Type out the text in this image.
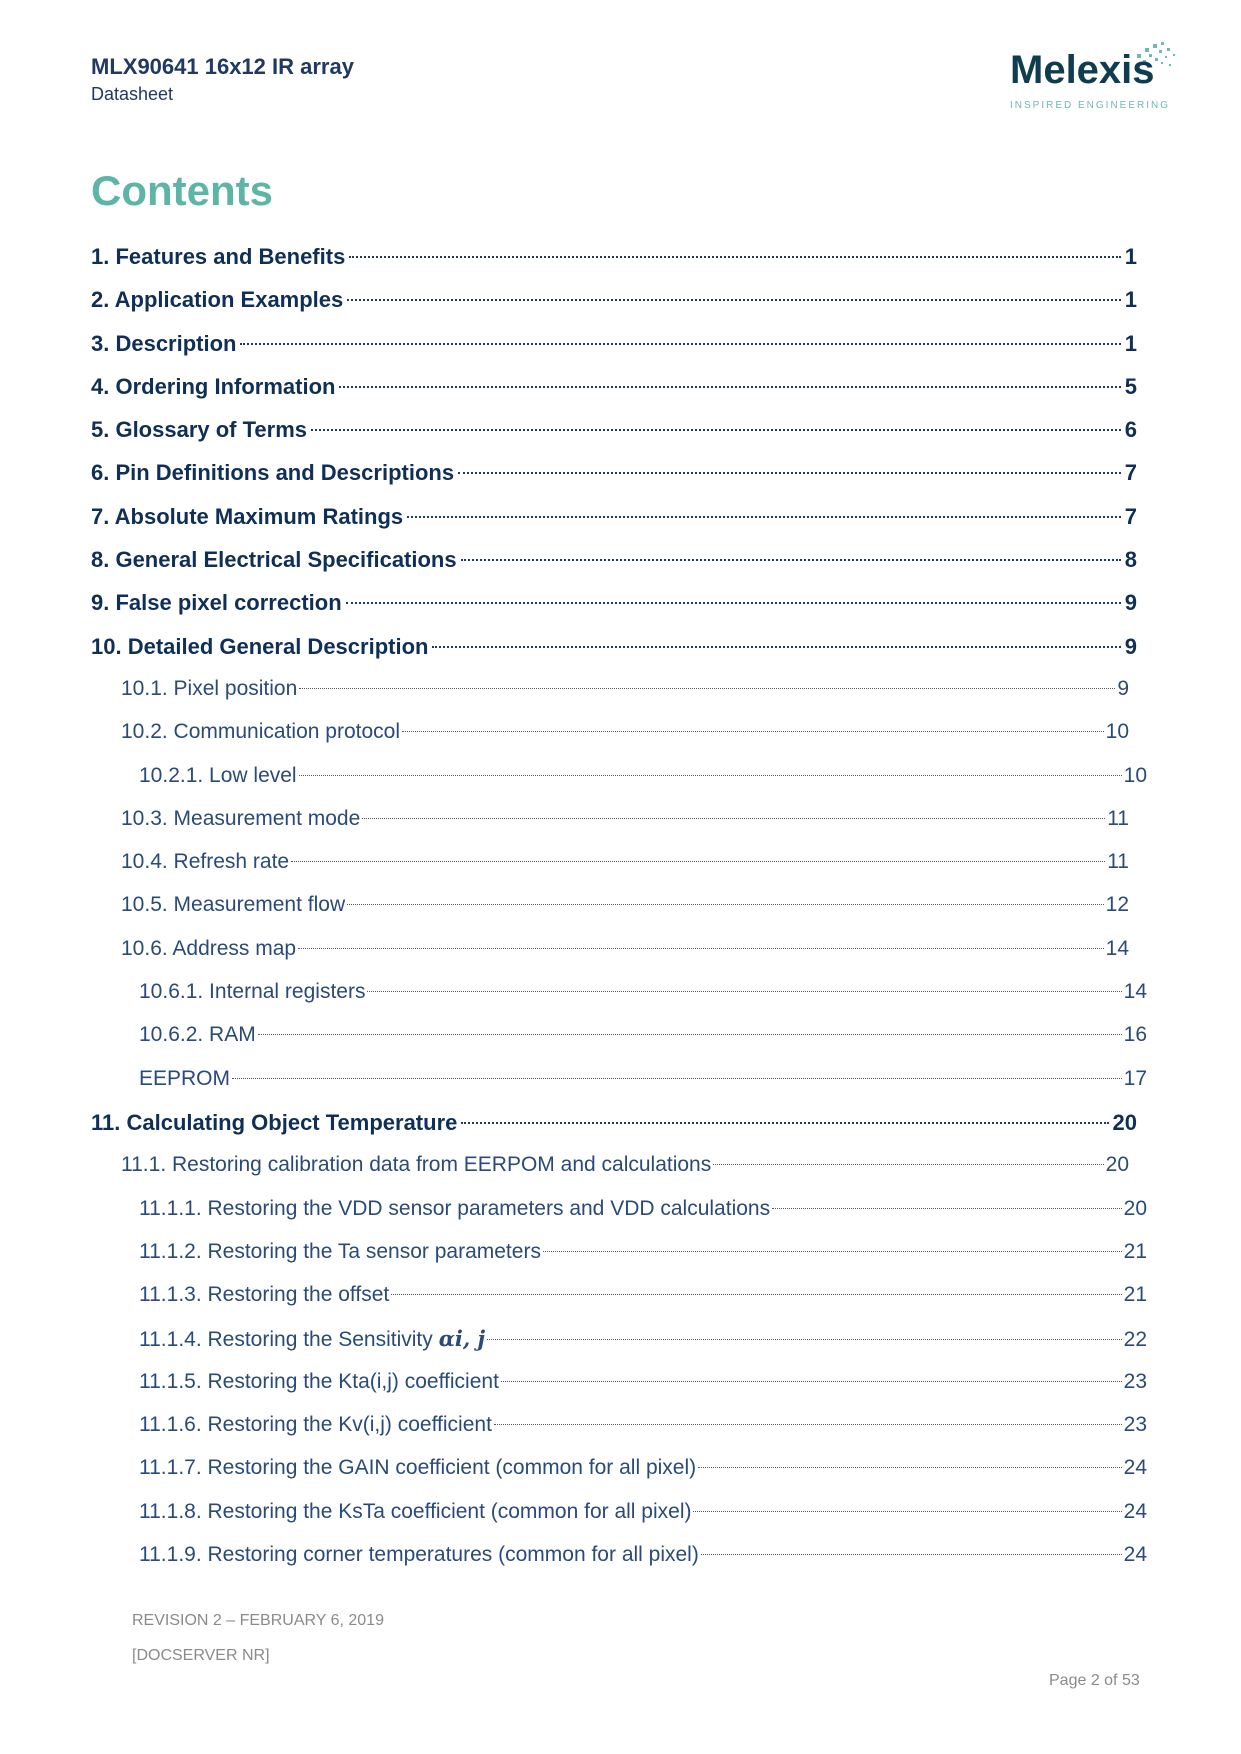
MLX90641 16x12 IR array
Datasheet
Melexis
INSPIRED ENGINEERING
Contents
1. Features and Benefits	1
2. Application Examples	1
3. Description	1
4. Ordering Information	5
5. Glossary of Terms	6
6. Pin Definitions and Descriptions	7
7. Absolute Maximum Ratings	7
8. General Electrical Specifications	8
9. False pixel correction	9
10. Detailed General Description	9
10.1. Pixel position	9
10.2. Communication protocol	10
10.2.1. Low level	10
10.3. Measurement mode	11
10.4. Refresh rate	11
10.5. Measurement flow	12
10.6. Address map	14
10.6.1. Internal registers	14
10.6.2. RAM	16
EEPROM	17
11. Calculating Object Temperature	20
11.1. Restoring calibration data from EERPOM and calculations	20
11.1.1. Restoring the VDD sensor parameters and VDD calculations	20
11.1.2. Restoring the Ta sensor parameters	21
11.1.3. Restoring the offset	21
11.1.4. Restoring the Sensitivity αi, j	22
11.1.5. Restoring the Kta(i,j) coefficient	23
11.1.6. Restoring the Kv(i,j) coefficient	23
11.1.7. Restoring the GAIN coefficient (common for all pixel)	24
11.1.8. Restoring the KsTa coefficient (common for all pixel)	24
11.1.9. Restoring corner temperatures (common for all pixel)	24
REVISION 2 – FEBRUARY 6, 2019
[DOCSERVER NR]
Page 2 of 53
